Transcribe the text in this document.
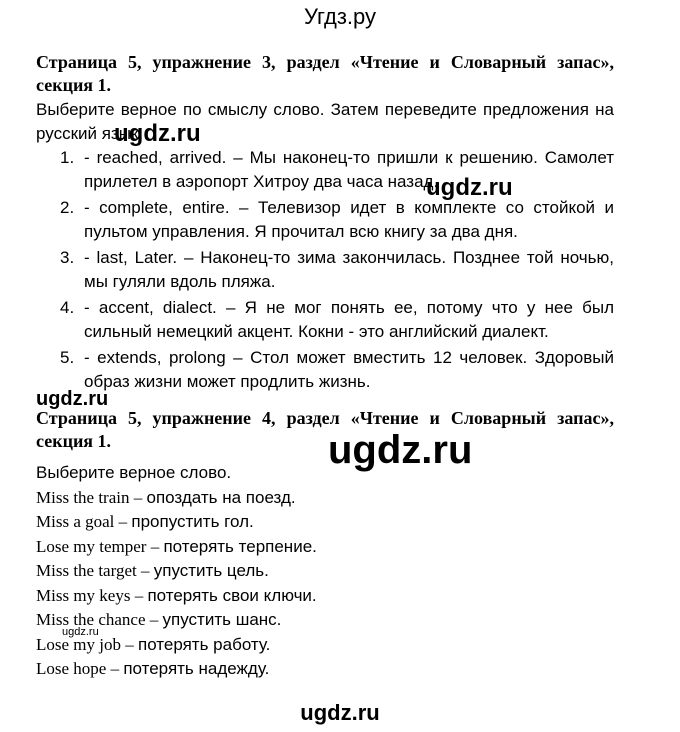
Угдз.ру
Страница 5, упражнение 3, раздел «Чтение и Словарный запас», секция 1.
Выберите верное по смыслу слово. Затем переведите предложения на русский язык.
1. - reached, arrived. – Мы наконец-то пришли к решению. Самолет прилетел в аэропорт Хитроу два часа назад.
2. - complete, entire. – Телевизор идет в комплекте со стойкой и пультом управления. Я прочитал всю книгу за два дня.
3. - last, Later. – Наконец-то зима закончилась. Позднее той ночью, мы гуляли вдоль пляжа.
4. - accent, dialect. – Я не мог понять ее, потому что у нее был сильный немецкий акцент. Кокни - это английский диалект.
5. - extends, prolong – Стол может вместить 12 человек. Здоровый образ жизни может продлить жизнь.
Страница 5, упражнение 4, раздел «Чтение и Словарный запас», секция 1.
Выберите верное слово.
Miss the train – опоздать на поезд.
Miss a goal – пропустить гол.
Lose my temper – потерять терпение.
Miss the target – упустить цель.
Miss my keys – потерять свои ключи.
Miss the chance – упустить шанс.
Lose my job – потерять работу.
Lose hope – потерять надежду.
ugdz.ru
ugdz.ru
ugdz.ru
ugdz.ru
ugdz.ru
ugdz.ru
